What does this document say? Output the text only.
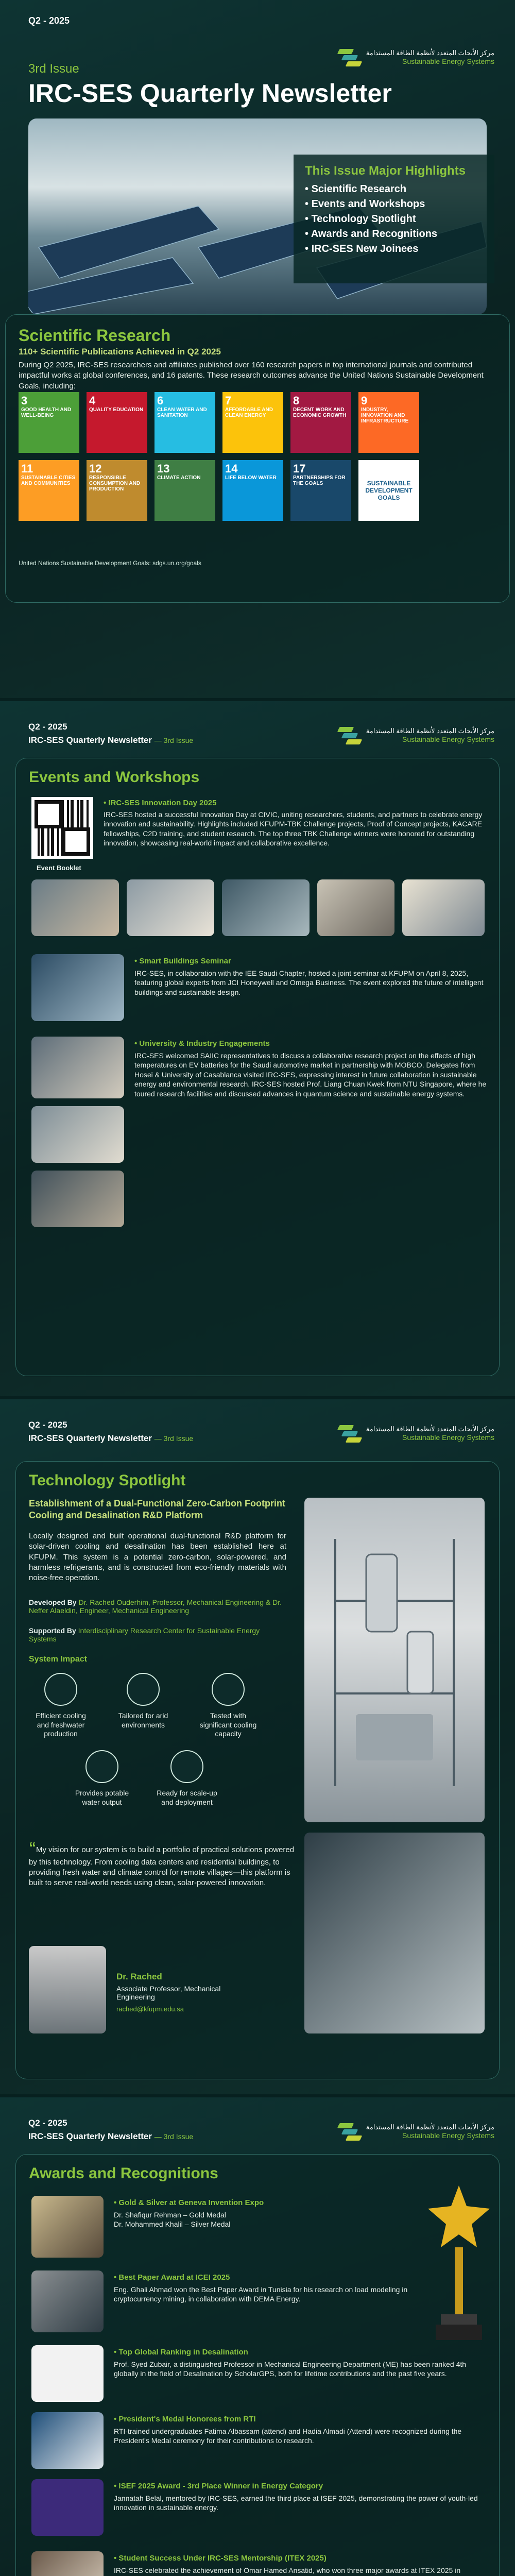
Q2 - 2025
3rd Issue
IRC-SES Quarterly Newsletter
مركز الأبحاث المتعدد لأنظمة الطاقة المستدامة
Sustainable Energy Systems
This Issue Major Highlights
• Scientific Research
• Events and Workshops
• Technology Spotlight
• Awards and Recognitions
• IRC-SES New Joinees
Scientific Research
110+ Scientific Publications Achieved in Q2 2025

During Q2 2025, IRC-SES researchers and affiliates published over 160 research papers in top international journals and contributed impactful works at global conferences, and 16 patents. These research outcomes advance the United Nations Sustainable Development Goals, including:

3
GOOD HEALTH AND WELL-BEING
4
QUALITY EDUCATION
6
CLEAN WATER AND SANITATION
7
AFFORDABLE AND CLEAN ENERGY
8
DECENT WORK AND ECONOMIC GROWTH
9
INDUSTRY, INNOVATION AND INFRASTRUCTURE
11
SUSTAINABLE CITIES AND COMMUNITIES
12
RESPONSIBLE CONSUMPTION AND PRODUCTION
13
CLIMATE ACTION
14
LIFE BELOW WATER
17
PARTNERSHIPS FOR THE GOALS	SUSTAINABLE DEVELOPMENT GOALS
United Nations Sustainable Development Goals: sdgs.un.org/goals
Q2 - 2025
IRC-SES Quarterly Newsletter — 3rd Issue
مركز الأبحاث المتعدد لأنظمة الطاقة المستدامة
Sustainable Energy Systems
Events and Workshops
Event Booklet
• IRC-SES Innovation Day 2025
IRC-SES hosted a successful Innovation Day at CIVIC, uniting researchers, students, and partners to celebrate energy innovation and sustainability. Highlights included KFUPM-TBK Challenge projects, Proof of Concept projects, KACARE fellowships, C2D training, and student research. The top three TBK Challenge winners were honored for outstanding innovation, showcasing real-world impact and collaborative excellence.
• Smart Buildings Seminar
IRC-SES, in collaboration with the IEE Saudi Chapter, hosted a joint seminar at KFUPM on April 8, 2025, featuring global experts from JCI Honeywell and Omega Business. The event explored the future of intelligent buildings and sustainable design.
• University & Industry Engagements
IRC-SES welcomed SAIIC representatives to discuss a collaborative research project on the effects of high temperatures on EV batteries for the Saudi automotive market in partnership with MOBCO. Delegates from Hosei & University of Casablanca visited IRC-SES, expressing interest in future collaboration in sustainable energy and environmental research. IRC-SES hosted Prof. Liang Chuan Kwek from NTU Singapore, where he toured research facilities and discussed advances in quantum science and sustainable energy systems.
Q2 - 2025
IRC-SES Quarterly Newsletter — 3rd Issue
مركز الأبحاث المتعدد لأنظمة الطاقة المستدامة
Sustainable Energy Systems
Technology Spotlight
Establishment of a Dual-Functional Zero-Carbon Footprint Cooling and Desalination R&D Platform

Locally designed and built operational dual-functional R&D platform for solar-driven cooling and desalination has been established here at KFUPM. This system is a potential zero-carbon, solar-powered, and harmless refrigerants, and is constructed from eco-friendly materials with noise-free operation.

Developed By Dr. Rached Ouderhim, Professor, Mechanical Engineering & Dr. Neffer Alaeldin, Engineer, Mechanical Engineering
Supported By Interdisciplinary Research Center for Sustainable Energy Systems
System Impact
Efficient cooling and freshwater production
Tailored for arid environments
Tested with significant cooling capacity
Provides potable water output
Ready for scale-up and deployment
“My vision for our system is to build a portfolio of practical solutions powered by this technology. From cooling data centers and residential buildings, to providing fresh water and climate control for remote villages—this platform is built to serve real-world needs using clean, solar-powered innovation.
Dr. Rached
Associate Professor, Mechanical Engineering
rached@kfupm.edu.sa
Q2 - 2025
IRC-SES Quarterly Newsletter — 3rd Issue
مركز الأبحاث المتعدد لأنظمة الطاقة المستدامة
Sustainable Energy Systems
Awards and Recognitions
• Gold & Silver at Geneva Invention Expo
Dr. Shafiqur Rehman – Gold Medal
Dr. Mohammed Khalil – Silver Medal
• Best Paper Award at ICEI 2025
Eng. Ghali Ahmad won the Best Paper Award in Tunisia for his research on load modeling in cryptocurrency mining, in collaboration with DEMA Energy.
• Top Global Ranking in Desalination
Prof. Syed Zubair, a distinguished Professor in Mechanical Engineering Department (ME) has been ranked 4th globally in the field of Desalination by ScholarGPS, both for lifetime contributions and the past five years.
• President's Medal Honorees from RTI
RTI-trained undergraduates Fatima Albassam (attend) and Hadia Almadi (Attend) were recognized during the President's Medal ceremony for their contributions to research.
• ISEF 2025 Award - 3rd Place Winner in Energy Category
Jannatah Belal, mentored by IRC-SES, earned the third place at ISEF 2025, demonstrating the power of youth-led innovation in sustainable energy.
• Student Success Under IRC-SES Mentorship (ITEX 2025)
IRC-SES celebrated the achievement of Omar Hamed Ansatid, who won three major awards at ITEX 2025 in
